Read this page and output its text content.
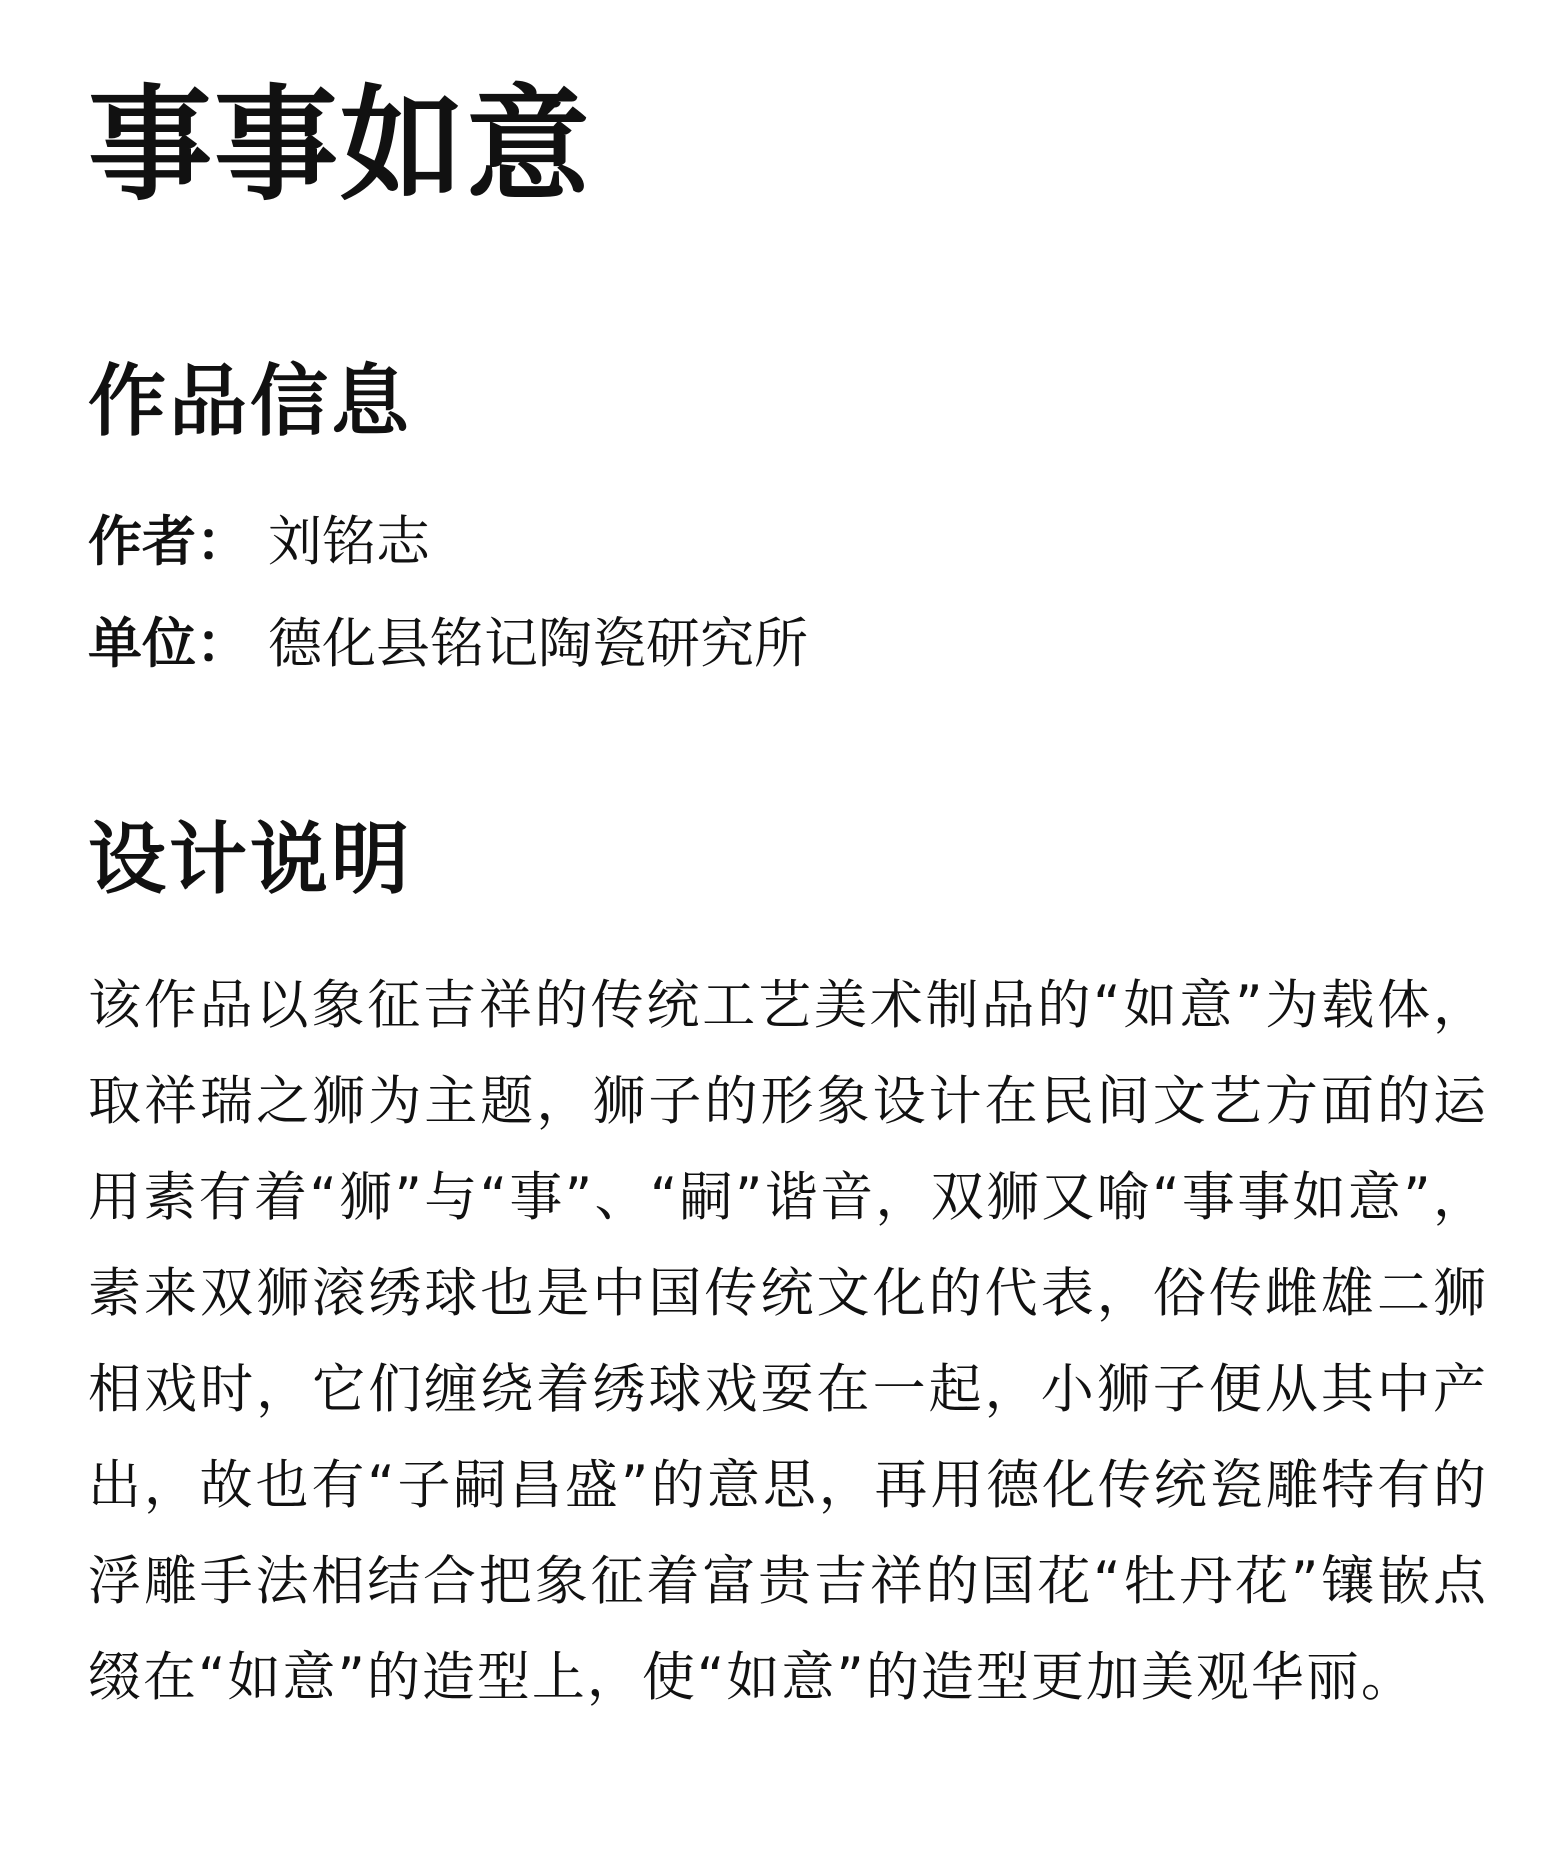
事事如意
作品信息
作者： 刘铭志
单位： 德化县铭记陶瓷研究所
设计说明

该作品以象征吉祥的传统工艺美术制品的“如意”为载体，取祥瑞之狮为主题，狮子的形象设计在民间文艺方面的运用素有着“狮”与“事”、“嗣”谐音，双狮又喻“事事如意”，素来双狮滚绣球也是中国传统文化的代表，俗传雌雄二狮相戏时，它们缠绕着绣球戏耍在一起，小狮子便从其中产出，故也有“子嗣昌盛”的意思，再用德化传统瓷雕特有的浮雕手法相结合把象征着富贵吉祥的国花“牡丹花”镶嵌点缀在“如意”的造型上，使“如意”的造型更加美观华丽。
